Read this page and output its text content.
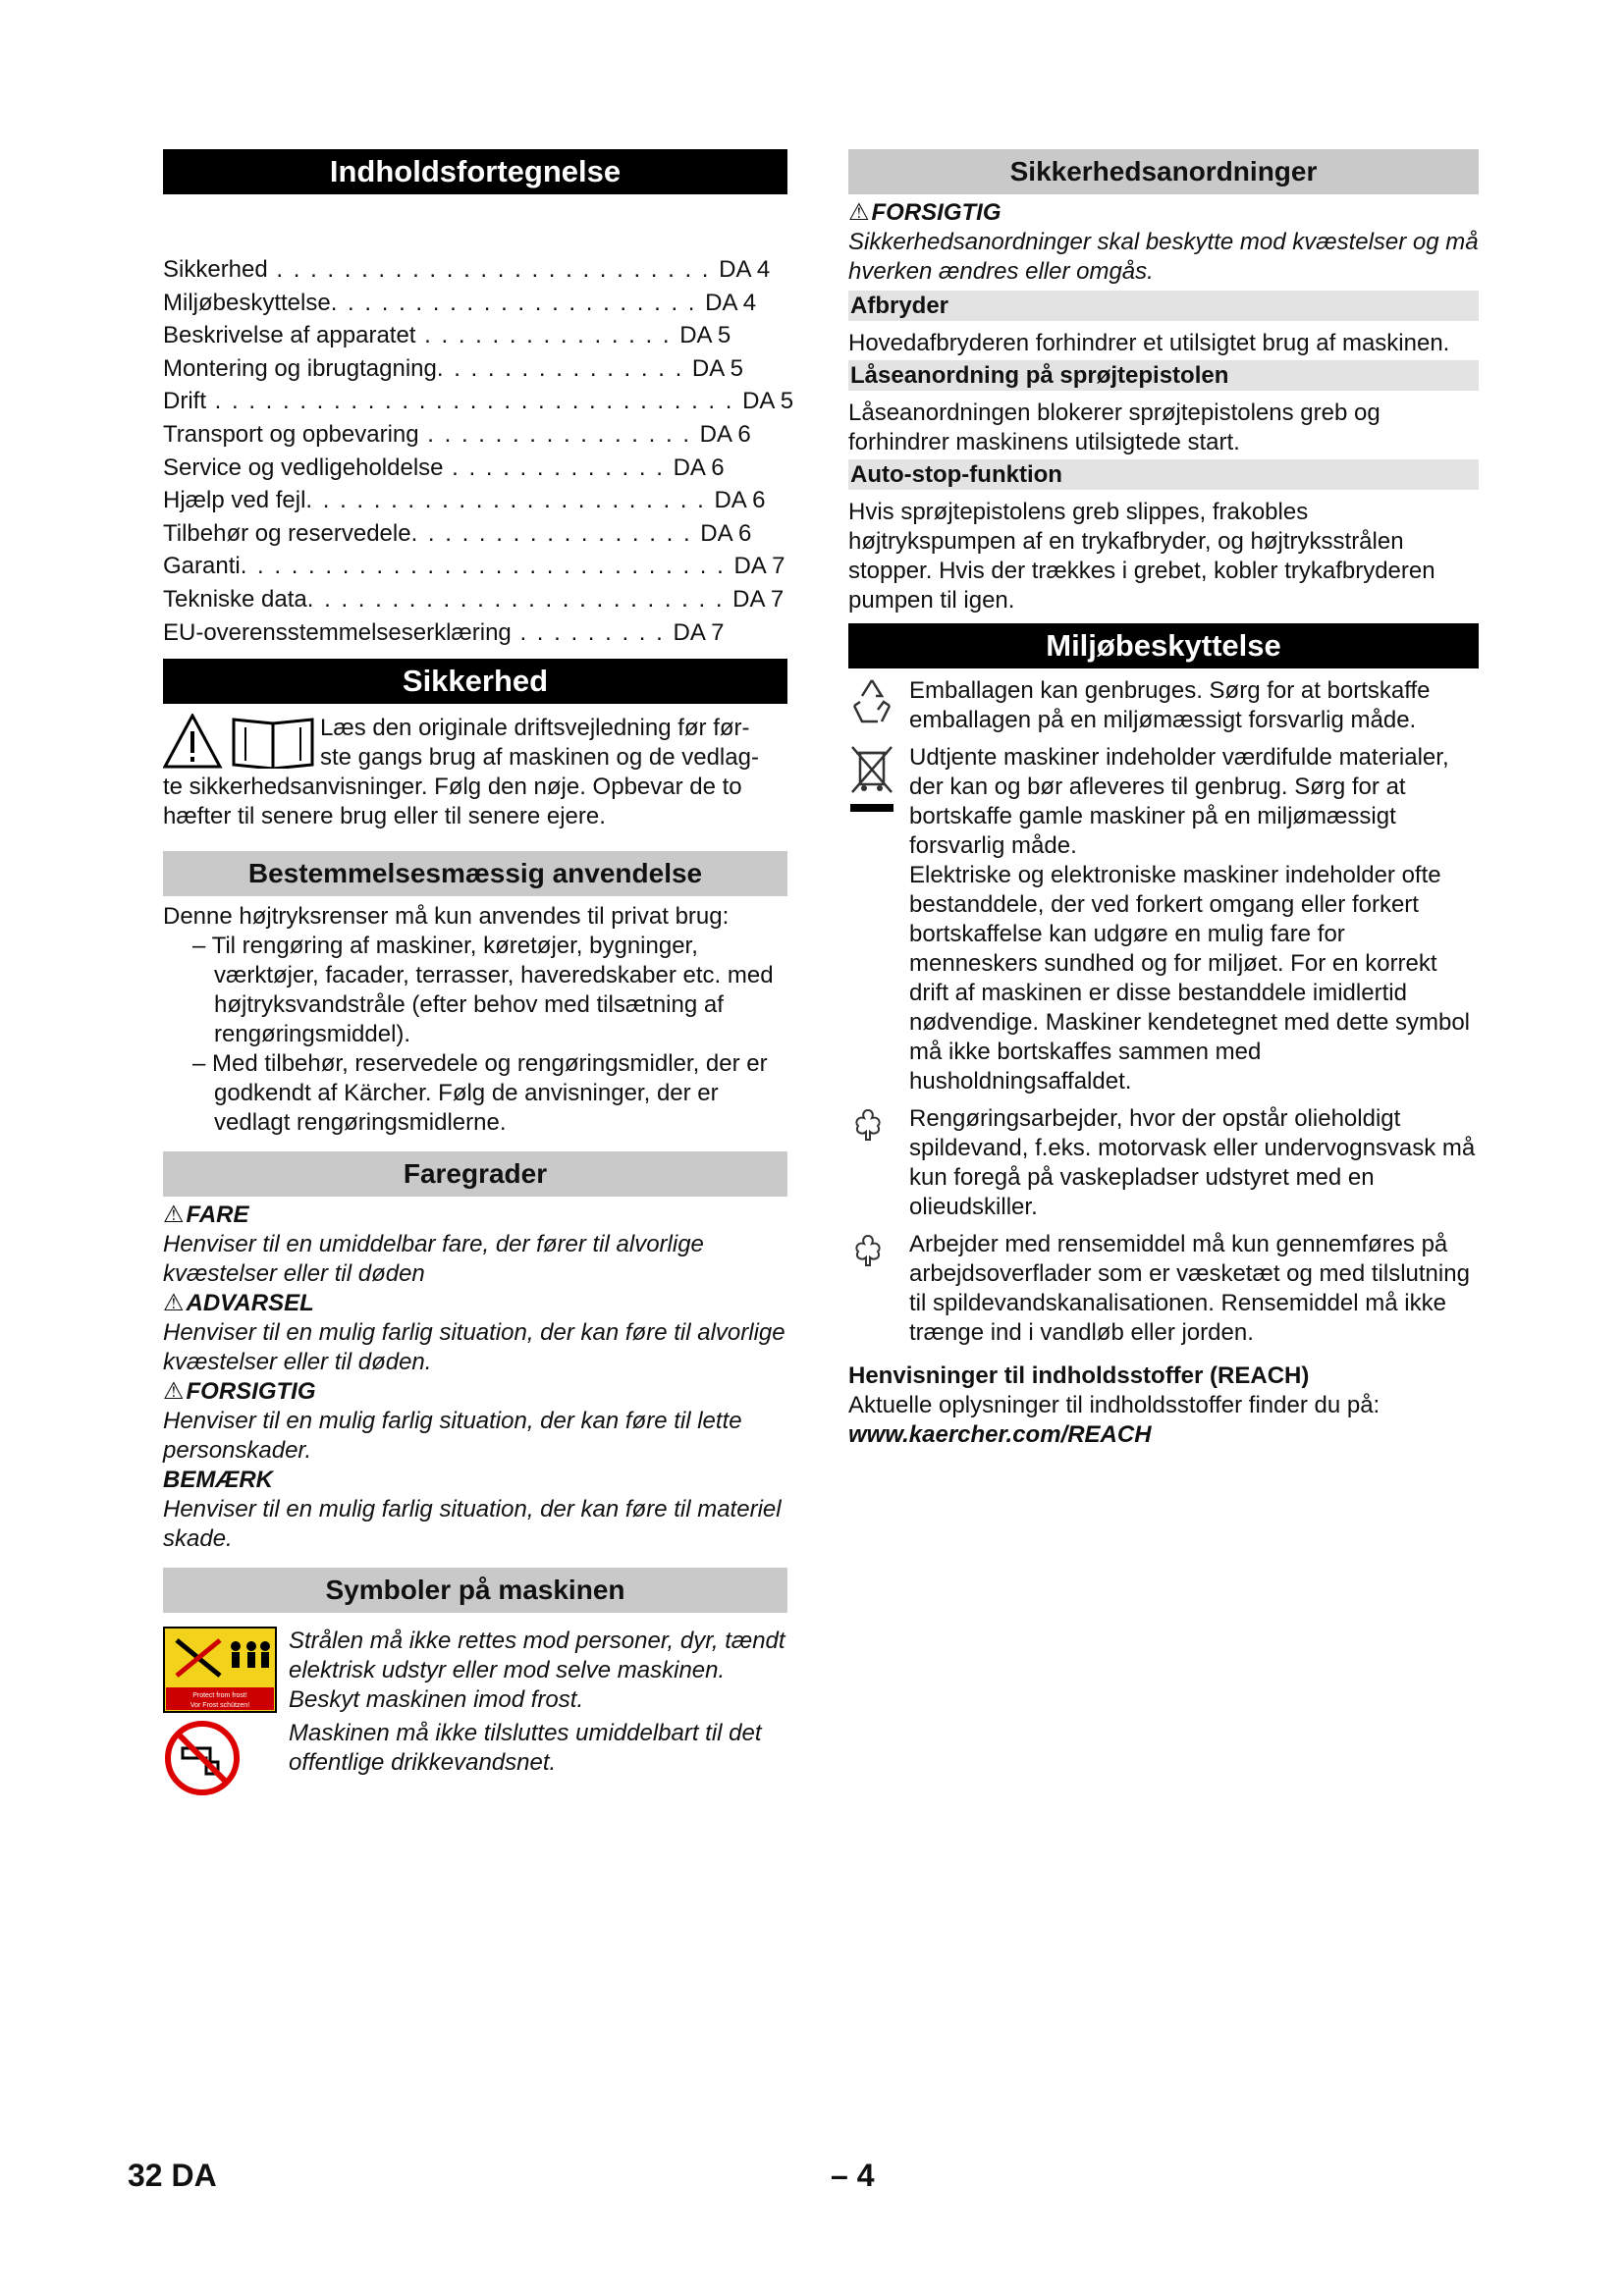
Indholdsfortegnelse
Sikkerhed . . . . . . . . . . . . . . . . . . . . . . . . . . DA 4
Miljøbeskyttelse. . . . . . . . . . . . . . . . . . . . . . DA 4
Beskrivelse af apparatet . . . . . . . . . . . . . . . DA 5
Montering og ibrugtagning. . . . . . . . . . . . . . . DA 5
Drift . . . . . . . . . . . . . . . . . . . . . . . . . . . . . . . DA 5
Transport og opbevaring . . . . . . . . . . . . . . . . DA 6
Service og vedligeholdelse . . . . . . . . . . . . . DA 6
Hjælp ved fejl. . . . . . . . . . . . . . . . . . . . . . . . DA 6
Tilbehør og reservedele. . . . . . . . . . . . . . . . . DA 6
Garanti. . . . . . . . . . . . . . . . . . . . . . . . . . . . . DA 7
Tekniske data. . . . . . . . . . . . . . . . . . . . . . . . . DA 7
EU-overensstemmelseserklæring . . . . . . . . . DA 7
Sikkerhed

Læs den originale driftsvejledning før før-

ste gangs brug af maskinen og de vedlag-

te sikkerhedsanvisninger. Følg den nøje. Opbevar de to hæfter til senere brug eller til senere ejere.

Bestemmelsesmæssig anvendelse

Denne højtryksrenser må kun anvendes til privat brug:

– Til rengøring af maskiner, køretøjer, bygninger, værktøjer, facader, terrasser, haveredskaber etc. med højtryksvandstråle (efter behov med tilsætning af rengøringsmiddel).

– Med tilbehør, reservedele og rengøringsmidler, der er godkendt af Kärcher. Følg de anvisninger, der er vedlagt rengøringsmidlerne.

Faregrader
⚠FARE

Henviser til en umiddelbar fare, der fører til alvorlige kvæstelser eller til døden

⚠ADVARSEL

Henviser til en mulig farlig situation, der kan føre til alvorlige kvæstelser eller til døden.

⚠FORSIGTIG

Henviser til en mulig farlig situation, der kan føre til lette personskader.

BEMÆRK

Henviser til en mulig farlig situation, der kan føre til materiel skade.

Symboler på maskinen
Protect from frost!
Vor Frost schützen!

Strålen må ikke rettes mod personer, dyr, tændt elektrisk udstyr eller mod selve maskinen.

Beskyt maskinen imod frost.

Maskinen må ikke tilsluttes umiddelbart til det offentlige drikkevandsnet.

Sikkerhedsanordninger
⚠FORSIGTIG

Sikkerhedsanordninger skal beskytte mod kvæstelser og må hverken ændres eller omgås.

Afbryder

Hovedafbryderen forhindrer et utilsigtet brug af maskinen.

Låseanordning på sprøjtepistolen

Låseanordningen blokerer sprøjtepistolens greb og forhindrer maskinens utilsigtede start.

Auto-stop-funktion

Hvis sprøjtepistolens greb slippes, frakobles højtrykspumpen af en trykafbryder, og højtryksstrålen stopper. Hvis der trækkes i grebet, kobler trykafbryderen pumpen til igen.

Miljøbeskyttelse

Emballagen kan genbruges. Sørg for at bortskaffe emballagen på en miljømæssigt forsvarlig måde.

Udtjente maskiner indeholder værdifulde materialer, der kan og bør afleveres til genbrug. Sørg for at bortskaffe gamle maskiner på en miljømæssigt forsvarlig måde.

Elektriske og elektroniske maskiner indeholder ofte bestanddele, der ved forkert omgang eller forkert bortskaffelse kan udgøre en mulig fare for menneskers sundhed og for miljøet. For en korrekt drift af maskinen er disse bestanddele imidlertid nødvendige. Maskiner kendetegnet med dette symbol må ikke bortskaffes sammen med husholdningsaffaldet.

Rengøringsarbejder, hvor der opstår olieholdigt spildevand, f.eks. motorvask eller undervognsvask må kun foregå på vaskepladser udstyret med en olieudskiller.

Arbejder med rensemiddel må kun gennemføres på arbejdsoverflader som er væsketæt og med tilslutning til spildevandskanalisationen. Rensemiddel må ikke trænge ind i vandløb eller jorden.

Henvisninger til indholdsstoffer (REACH)

Aktuelle oplysninger til indholdsstoffer finder du på:

www.kaercher.com/REACH

32 DA	– 4
